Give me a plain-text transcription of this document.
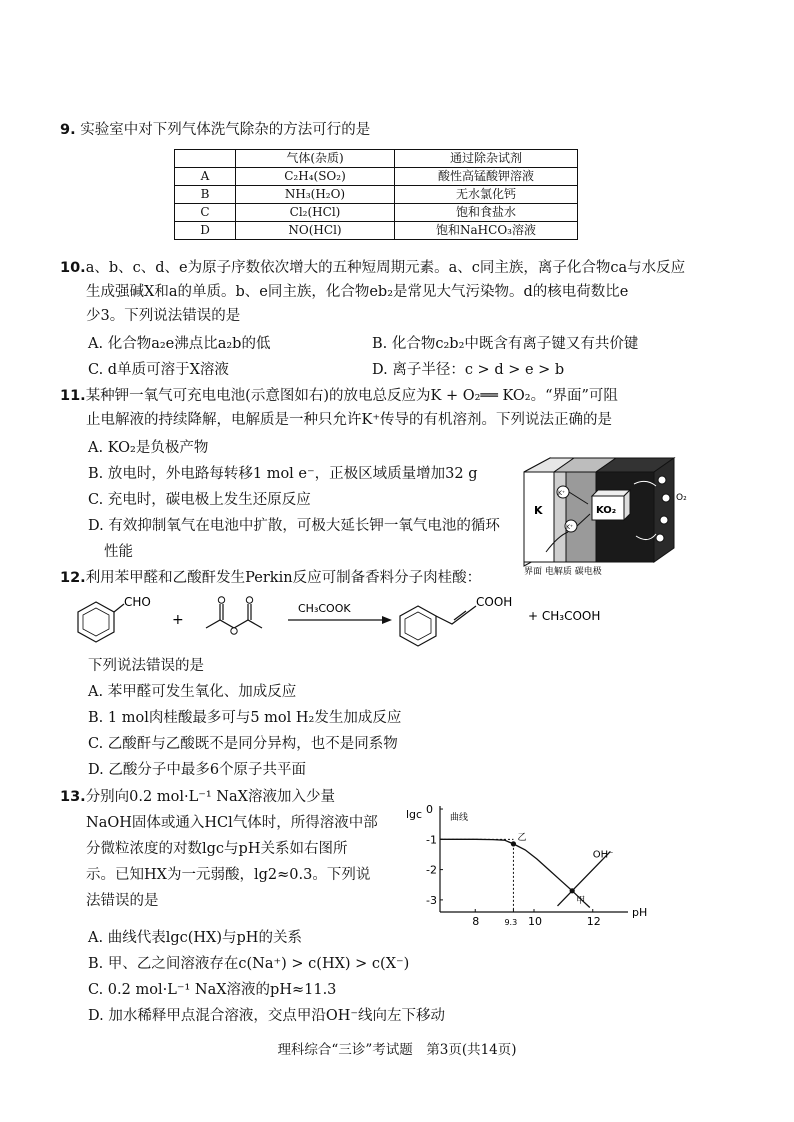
9. 实验室中对下列气体洗气除杂的方法可行的是
	气体(杂质)	通过除杂试剂
A	C₂H₄(SO₂)	酸性高锰酸钾溶液
B	NH₃(H₂O)	无水氯化钙
C	Cl₂(HCl)	饱和食盐水
D	NO(HCl)	饱和NaHCO₃溶液
10.a、b、c、d、e为原子序数依次增大的五种短周期元素。a、c同主族，离子化合物ca与水反应
生成强碱X和a的单质。b、e同主族，化合物eb₂是常见大气污染物。d的核电荷数比e
少3。下列说法错误的是
A. 化合物a₂e沸点比a₂b的低	B. 化合物c₂b₂中既含有离子键又有共价键
C. d单质可溶于X溶液	D. 离子半径：c > d > e > b
11.某种钾一氧气可充电电池(示意图如右)的放电总反应为K + O₂══ KO₂。“界面”可阻
止电解液的持续降解，电解质是一种只允许K⁺传导的有机溶剂。下列说法正确的是
A. KO₂是负极产物
B. 放电时，外电路每转移1 mol e⁻，正极区域质量增加32 g
C. 充电时，碳电极上发生还原反应
D. 有效抑制氧气在电池中扩散，可极大延长钾一氧气电池的循环
性能
KO₂
K
K⁺
K⁺
O₂
界面 电解质 碳电极
12.利用苯甲醛和乙酸酐发生Perkin反应可制备香料分子肉桂酸：
CHO
+
CH₃COOK	COOH
+ CH₃COOH
下列说法错误的是
A. 苯甲醛可发生氧化、加成反应
B. 1 mol肉桂酸最多可与5 mol H₂发生加成反应
C. 乙酸酐与乙酸既不是同分异构，也不是同系物
D. 乙酸分子中最多6个原子共平面
13.分别向0.2 mol·L⁻¹ NaX溶液加入少量
NaOH固体或通入HCl气体时，所得溶液中部
分微粒浓度的对数lgc与pH关系如右图所
示。已知HX为一元弱酸，lg2≈0.3。下列说
法错误的是
A. 曲线代表lgc(HX)与pH的关系
B. 甲、乙之间溶液存在c(Na⁺) > c(HX) > c(X⁻)
C. 0.2 mol·L⁻¹ NaX溶液的pH≈11.3
D. 加水稀释甲点混合溶液，交点甲沿OH⁻线向左下移动
lgc
pH
曲线
OH⁻
8	9.3 10	12
0
-1
-2
-3
乙
甲
理科综合“三诊”考试题　第3页(共14页)
